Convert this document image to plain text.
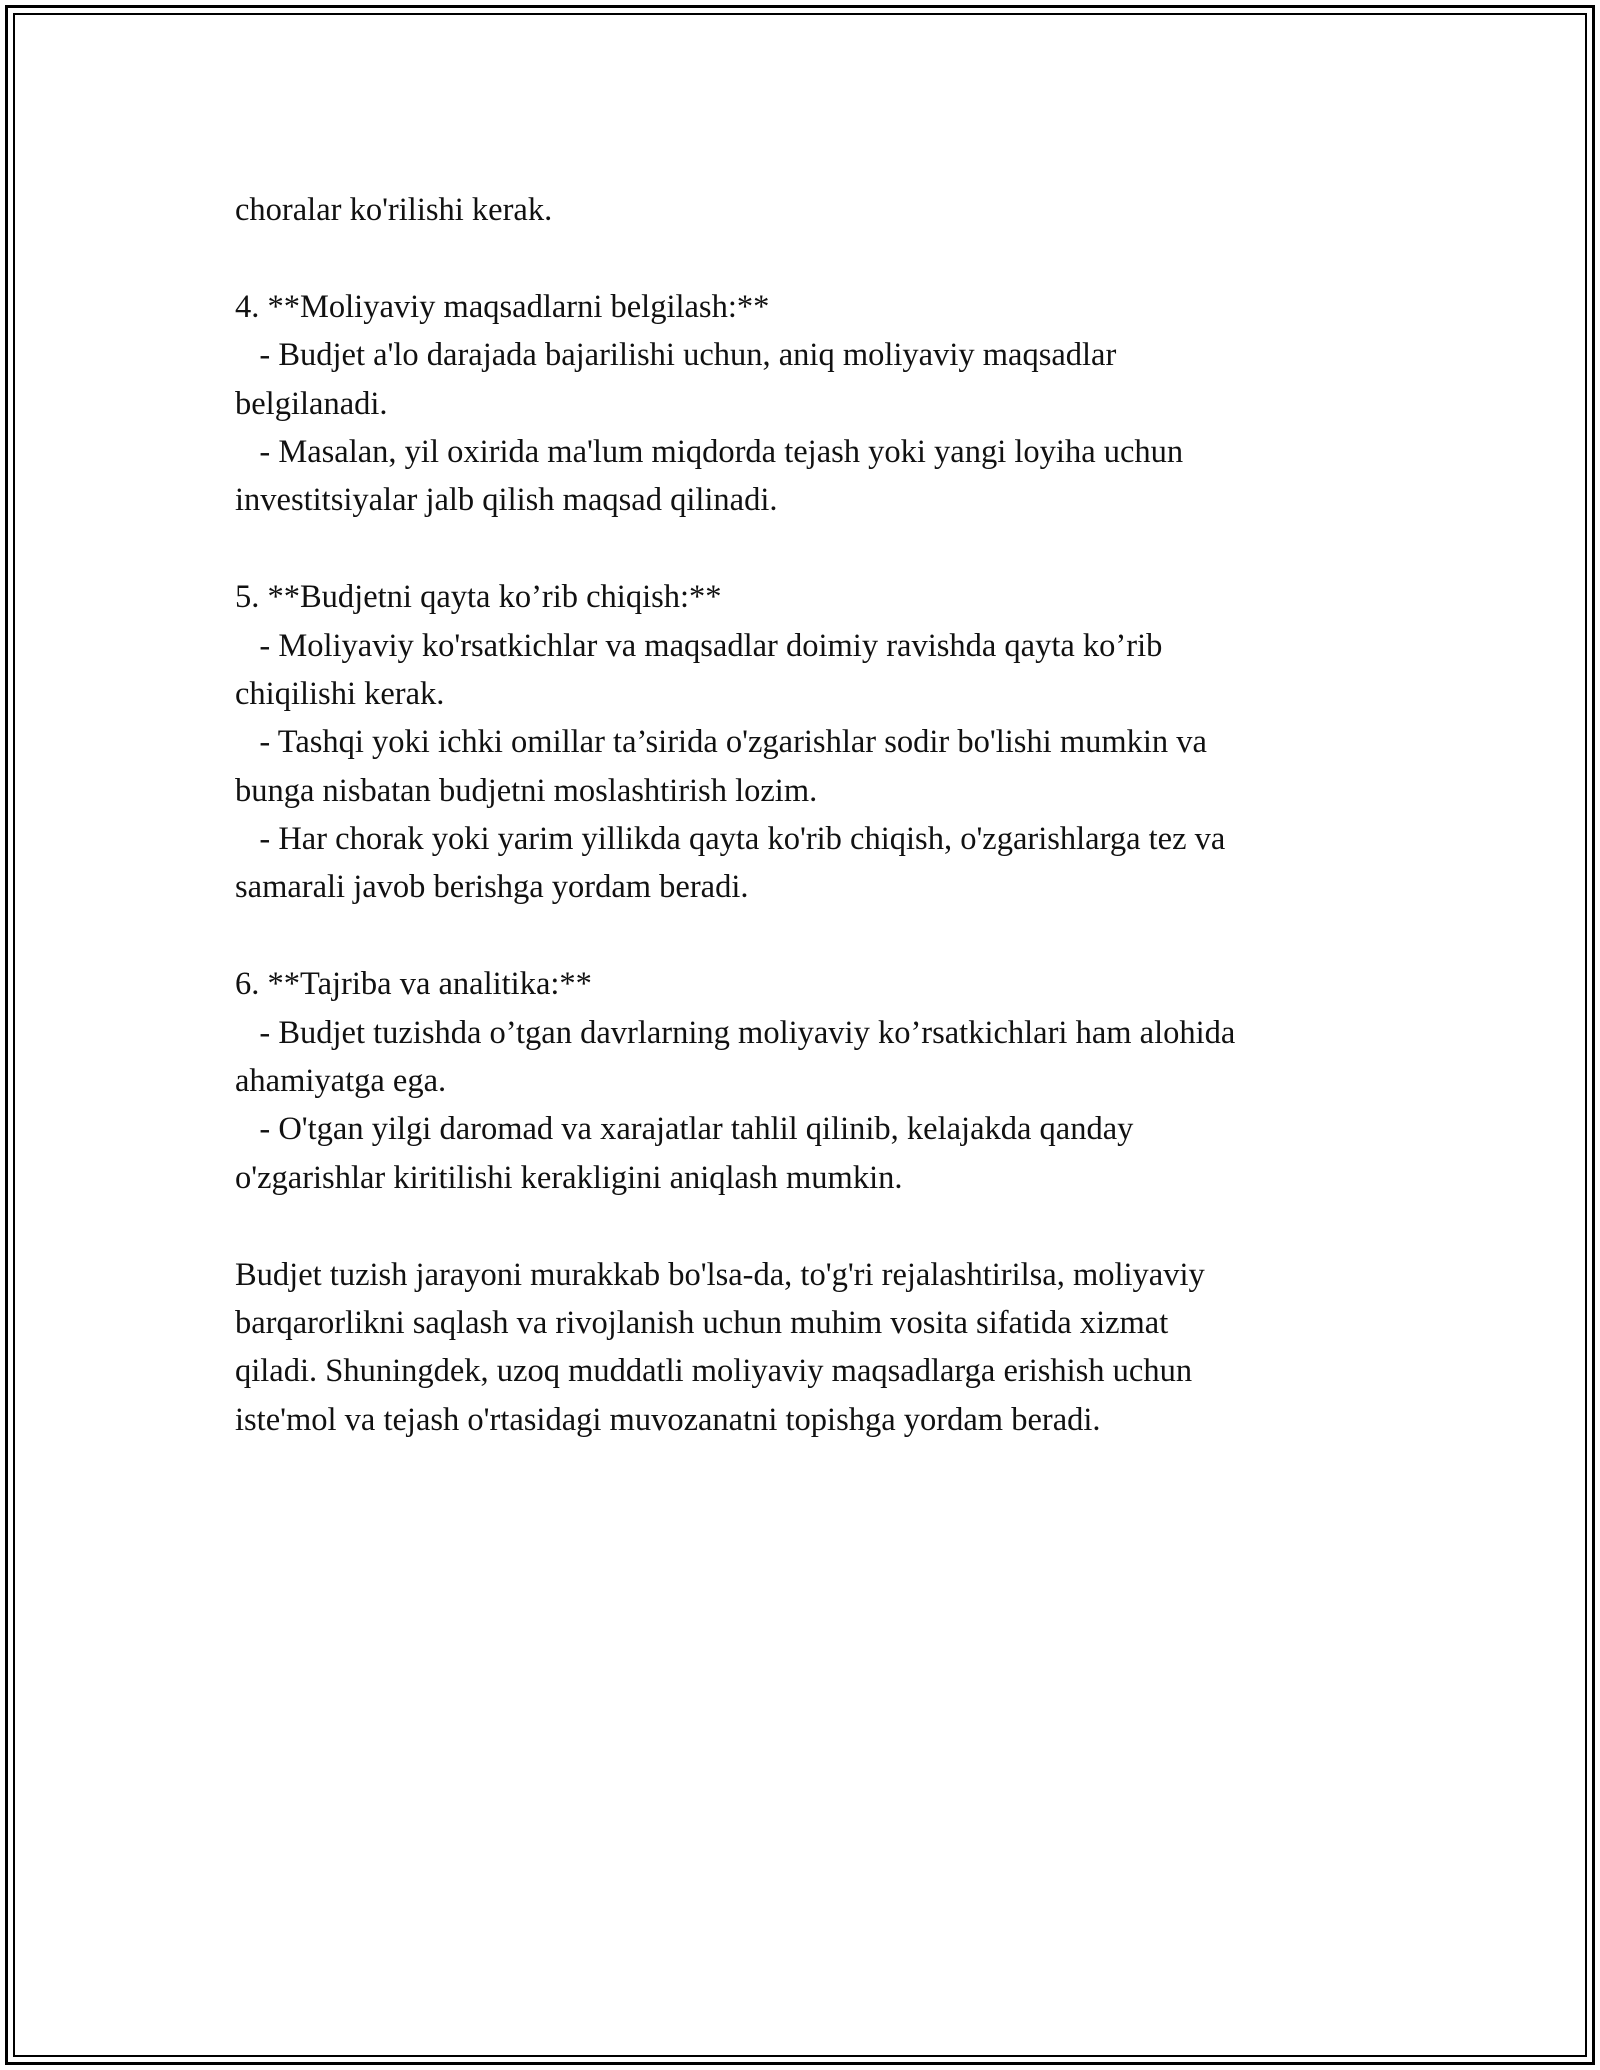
choralar ko'rilishi kerak.
4. **Moliyaviy maqsadlarni belgilash:**
- Budjet a'lo darajada bajarilishi uchun, aniq moliyaviy maqsadlar
belgilanadi.
- Masalan, yil oxirida ma'lum miqdorda tejash yoki yangi loyiha uchun
investitsiyalar jalb qilish maqsad qilinadi.
5. **Budjetni qayta ko’rib chiqish:**
- Moliyaviy ko'rsatkichlar va maqsadlar doimiy ravishda qayta ko’rib
chiqilishi kerak.
- Tashqi yoki ichki omillar ta’sirida o'zgarishlar sodir bo'lishi mumkin va
bunga nisbatan budjetni moslashtirish lozim.
- Har chorak yoki yarim yillikda qayta ko'rib chiqish, o'zgarishlarga tez va
samarali javob berishga yordam beradi.
6. **Tajriba va analitika:**
- Budjet tuzishda o’tgan davrlarning moliyaviy ko’rsatkichlari ham alohida
ahamiyatga ega.
- O'tgan yilgi daromad va xarajatlar tahlil qilinib, kelajakda qanday
o'zgarishlar kiritilishi kerakligini aniqlash mumkin.
Budjet tuzish jarayoni murakkab bo'lsa-da, to'g'ri rejalashtirilsa, moliyaviy
barqarorlikni saqlash va rivojlanish uchun muhim vosita sifatida xizmat
qiladi. Shuningdek, uzoq muddatli moliyaviy maqsadlarga erishish uchun
iste'mol va tejash o'rtasidagi muvozanatni topishga yordam beradi.
